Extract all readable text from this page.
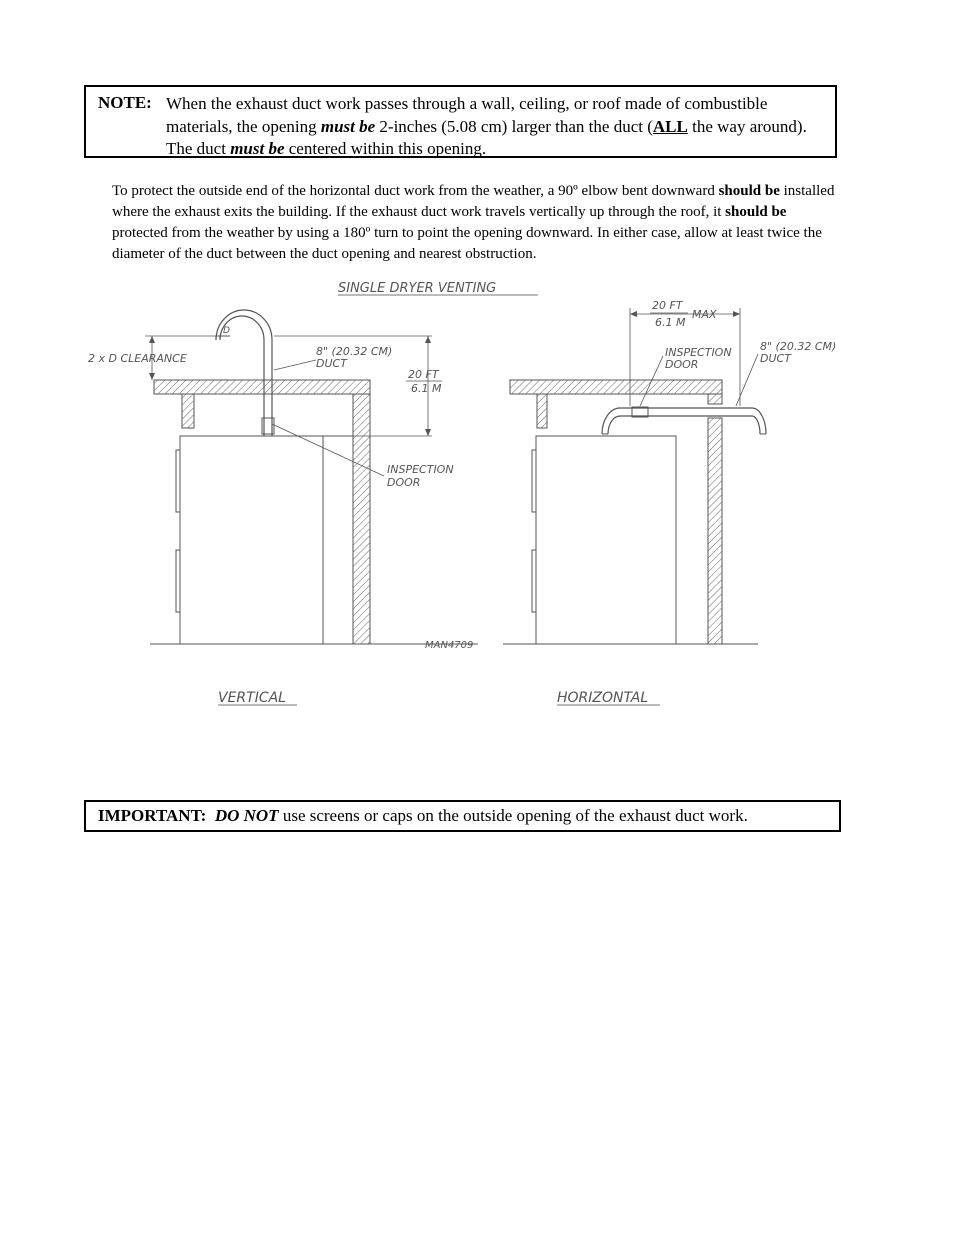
NOTE: When the exhaust duct work passes through a wall, ceiling, or roof made of combustible materials, the opening must be 2-inches (5.08 cm) larger than the duct (ALL the way around). The duct must be centered within this opening.
To protect the outside end of the horizontal duct work from the weather, a 90º elbow bent downward should be installed where the exhaust exits the building. If the exhaust duct work travels vertically up through the roof, it should be protected from the weather by using a 180º turn to point the opening downward. In either case, allow at least twice the diameter of the duct between the duct opening and nearest obstruction.
SINGLE DRYER VENTING
D
2 x D CLEARANCE
8" (20.32 CM)
DUCT
20 FT
6.1 M
INSPECTION
DOOR
MAN4709
VERTICAL
20 FT
6.1 M
MAX
INSPECTION
DOOR
8" (20.32 CM)
DUCT
HORIZONTAL
IMPORTANT: DO NOT use screens or caps on the outside opening of the exhaust duct work.
